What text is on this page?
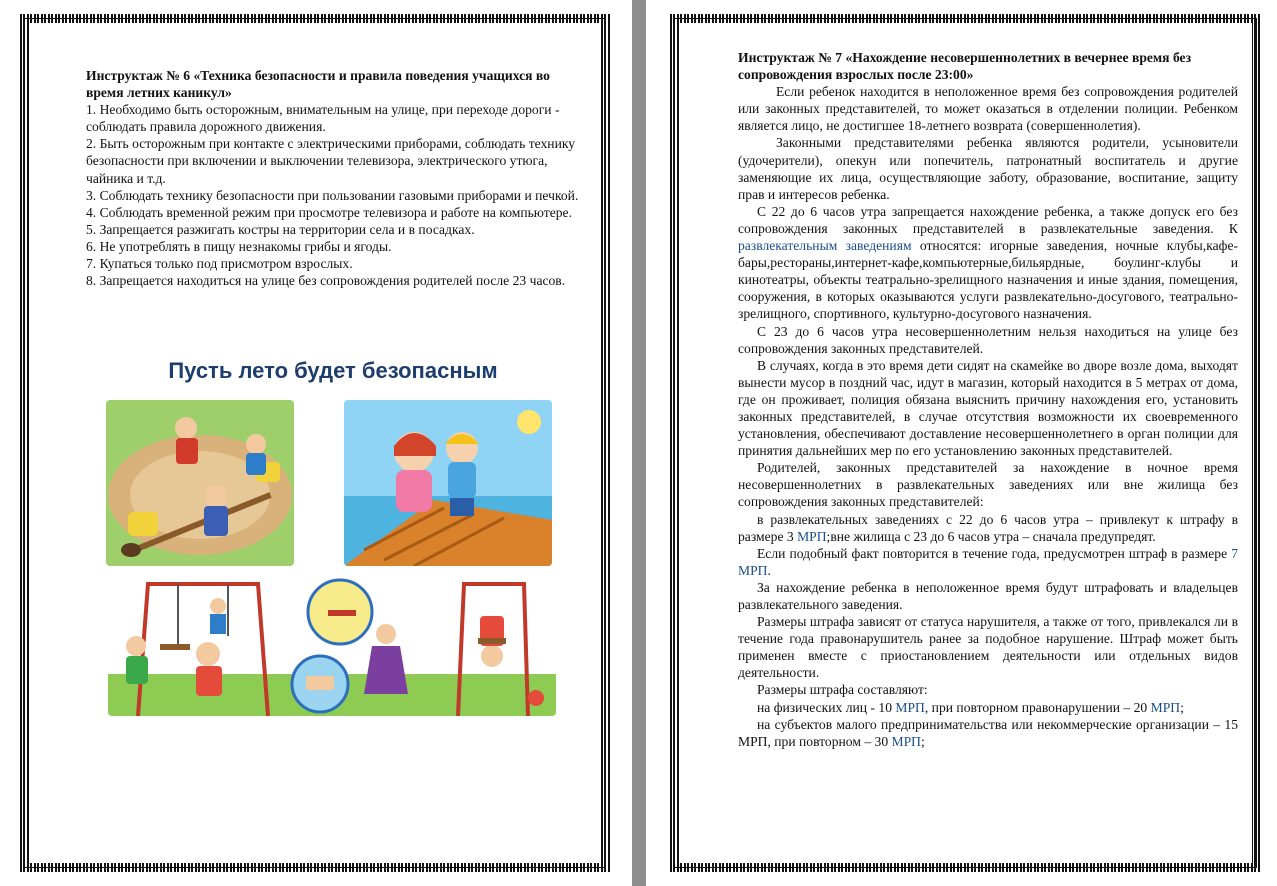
Инструктаж № 6 «Техника безопасности и правила поведения учащихся во время летних каникул»

1. Необходимо быть осторожным, внимательным на улице, при переходе дороги - соблюдать правила дорожного движения.

2. Быть осторожным при контакте с электрическими приборами, соблюдать технику безопасности при включении и выключении телевизора, электрического утюга, чайника и т.д.

3. Соблюдать технику безопасности при пользовании газовыми приборами и печкой.

4. Соблюдать временной режим при просмотре телевизора и работе на компьютере.

5. Запрещается разжигать костры на территории села и в посадках.

6. Не употреблять в пищу незнакомы грибы и ягоды.

7. Купаться только под присмотром взрослых.

8. Запрещается находиться на улице без сопровождения родителей после 23 часов.

Пусть лето будет безопасным

Инструктаж № 7 «Нахождение несовершеннолетних в вечернее время без сопровождения взрослых после 23:00»

Если ребенок находится в неположенное время без сопровождения родителей или законных представителей, то может оказаться в отделении полиции. Ребенком является лицо, не достигшее 18-летнего возврата (совершеннолетия).

Законными представителями ребенка являются родители, усыновители (удочерители), опекун или попечитель, патронатный воспитатель и другие заменяющие их лица, осуществляющие заботу, образование, воспитание, защиту прав и интересов ребенка.

С 22 до 6 часов утра запрещается нахождение ребенка, а также допуск его без сопровождения законных представителей в развлекательные заведения. К развлекательным заведениям относятся: игорные заведения, ночные клубы,кафе-бары,рестораны,интернет-кафе,компьютерные,бильярдные, боулинг-клубы и кинотеатры, объекты театрально-зрелищного назначения и иные здания, помещения, сооружения, в которых оказываются услуги развлекательно-досугового, театрально-зрелищного, спортивного, культурно-досугового назначения.

С 23 до 6 часов утра несовершеннолетним нельзя находиться на улице без сопровождения законных представителей.

В случаях, когда в это время дети сидят на скамейке во дворе возле дома, выходят вынести мусор в поздний час, идут в магазин, который находится в 5 метрах от дома, где он проживает, полиция обязана выяснить причину нахождения его, установить законных представителей, в случае отсутствия возможности их своевременного установления, обеспечивают доставление несовершеннолетнего в орган полиции для принятия дальнейших мер по его установлению законных представителей.

Родителей, законных представителей за нахождение в ночное время несовершеннолетних в развлекательных заведениях или вне жилища без сопровождения законных представителей:

в развлекательных заведениях с 22 до 6 часов утра – привлекут к штрафу в размере 3 МРП;вне жилища с 23 до 6 часов утра – сначала предупредят.

Если подобный факт повторится в течение года, предусмотрен штраф в размере 7 МРП.

За нахождение ребенка в неположенное время будут штрафовать и владельцев развлекательного заведения.

Размеры штрафа зависят от статуса нарушителя, а также от того, привлекался ли в течение года правонарушитель ранее за подобное нарушение. Штраф может быть применен вместе с приостановлением деятельности или отдельных видов деятельности.

Размеры штрафа составляют:

на физических лиц - 10 МРП, при повторном правонарушении – 20 МРП;

на субъектов малого предпринимательства или некоммерческие организации – 15 МРП, при повторном – 30 МРП;
